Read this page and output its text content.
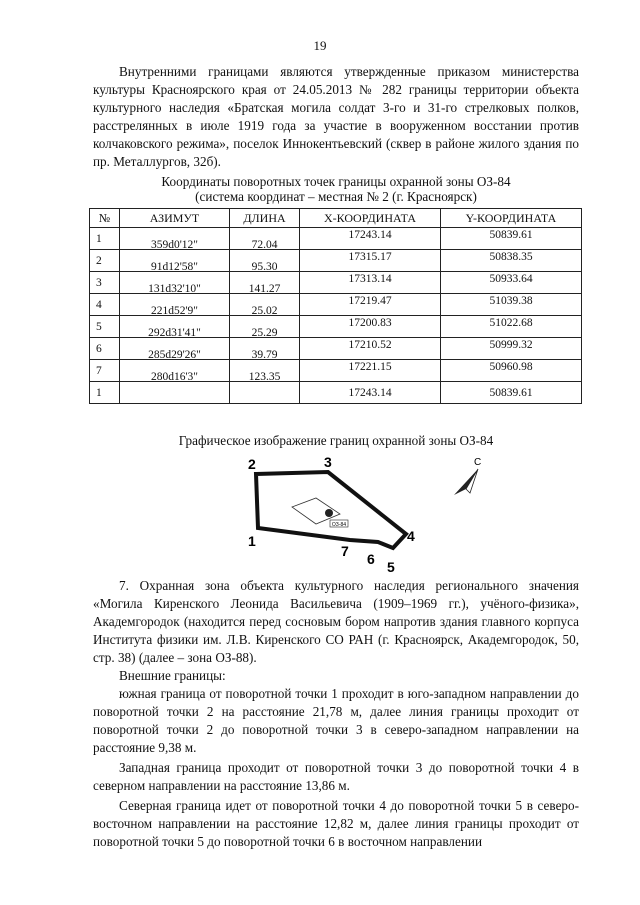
19
Внутренними границами являются утвержденные приказом министерства культуры Красноярского края от 24.05.2013 № 282 границы территории объекта культурного наследия «Братская могила солдат 3-го и 31-го стрелковых полков, расстрелянных в июле 1919 года за участие в вооруженном восстании против колчаковского режима», поселок Иннокентьевский (сквер в районе жилого здания по пр. Металлургов, 32б).
Координаты поворотных точек границы охранной зоны ОЗ-84
(система координат – местная № 2 (г. Красноярск)
№	АЗИМУТ	ДЛИНА	X-КООРДИНАТА	Y-КООРДИНАТА
1	359d0'12"	72.04	17243.14	50839.61
2	91d12'58"	95.30	17315.17	50838.35
3	131d32'10"	141.27	17313.14	50933.64
4	221d52'9"	25.02	17219.47	51039.38
5	292d31'41"	25.29	17200.83	51022.68
6	285d29'26"	39.79	17210.52	50999.32
7	280d16'3"	123.35	17221.15	50960.98
1			17243.14	50839.61
Графическое изображение границ охранной зоны ОЗ-84
ОЗ-84
2	3
1	4
7 6 5
С
7. Охранная зона объекта культурного наследия регионального значения «Могила Киренского Леонида Васильевича (1909–1969 гг.), учёного-физика», Академгородок (находится перед сосновым бором напротив здания главного корпуса Института физики им. Л.В. Киренского СО РАН (г. Красноярск, Академгородок, 50, стр. 38) (далее – зона ОЗ-88).
Внешние границы:
южная граница от поворотной точки 1 проходит в юго-западном направлении до поворотной точки 2 на расстояние 21,78 м, далее линия границы проходит от поворотной точки 2 до поворотной точки 3 в северо-западном направлении на расстояние 9,38 м.
Западная граница проходит от поворотной точки 3 до поворотной точки 4 в северном направлении на расстояние 13,86 м.
Северная граница идет от поворотной точки 4 до поворотной точки 5 в северо-восточном направлении на расстояние 12,82 м, далее линия границы проходит от поворотной точки 5 до поворотной точки 6 в восточном направлении
